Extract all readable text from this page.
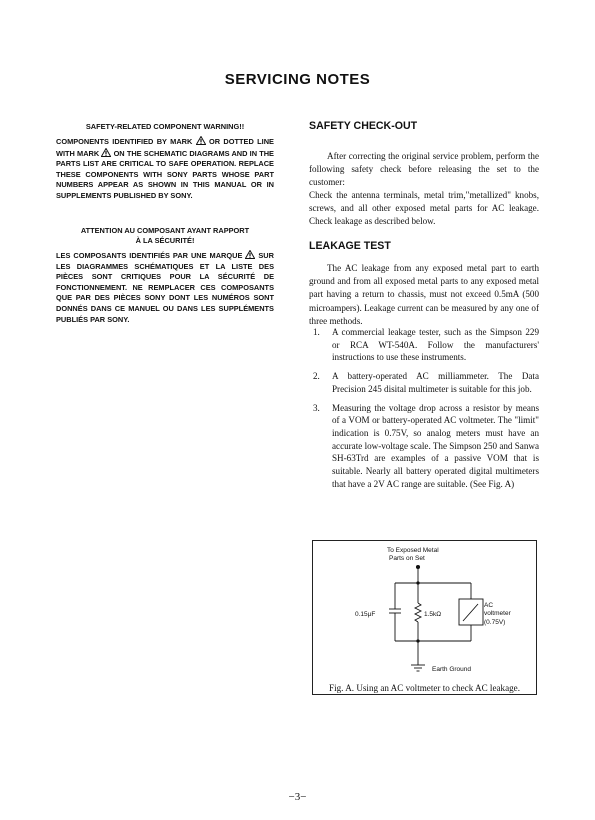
SERVICING NOTES
SAFETY-RELATED COMPONENT WARNING!!
COMPONENTS IDENTIFIED BY MARK OR DOTTED LINE WITH MARK ON THE SCHEMATIC DIAGRAMS AND IN THE PARTS LIST ARE CRITICAL TO SAFE OPERATION. REPLACE THESE COMPONENTS WITH SONY PARTS WHOSE PART NUMBERS APPEAR AS SHOWN IN THIS MANUAL OR IN SUPPLEMENTS PUBLISHED BY SONY.
ATTENTION AU COMPOSANT AYANT RAPPORT
À LA SÉCURITÉ!
LES COMPOSANTS IDENTIFIÉS PAR UNE MARQUE SUR LES DIAGRAMMES SCHÉMATIQUES ET LA LISTE DES PIÈCES SONT CRITIQUES POUR LA SÉCURITÉ DE FONCTIONNEMENT. NE REMPLACER CES COMPOSANTS QUE PAR DES PIÈCES SONY DONT LES NUMÉROS SONT DONNÉS DANS CE MANUEL OU DANS LES SUPPLÉMENTS PUBLIÉS PAR SONY.
SAFETY CHECK-OUT
After correcting the original service problem, perform the following safety check before releasing the set to the customer:
Check the antenna terminals, metal trim,"metallized" knobs, screws, and all other exposed metal parts for AC leakage. Check leakage as described below.
LEAKAGE TEST
The AC leakage from any exposed metal part to earth ground and from all exposed metal parts to any exposed metal part having a return to chassis, must not exceed 0.5mA (500 microampers). Leakage current can be measured by any one of three methods.
1. A commercial leakage tester, such as the Simpson 229 or RCA WT-540A. Follow the manufacturers' instructions to use these instruments.
2. A battery-operated AC milliammeter. The Data Precision 245 disital multimeter is suitable for this job.
3. Measuring the voltage drop across a resistor by means of a VOM or battery-operated AC voltmeter. The "limit" indication is 0.75V, so analog meters must have an accurate low-voltage scale. The Simpson 250 and Sanwa SH-63Trd are examples of a passive VOM that is suitable. Nearly all battery operated digital multimeters that have a 2V AC range are suitable. (See Fig. A)
To Exposed Metal
Parts on Set
0.15μF	1.5kΩ
AC
voltmeter
(0.75V)
Earth Ground
Fig. A. Using an AC voltmeter to check AC leakage.
−3−
